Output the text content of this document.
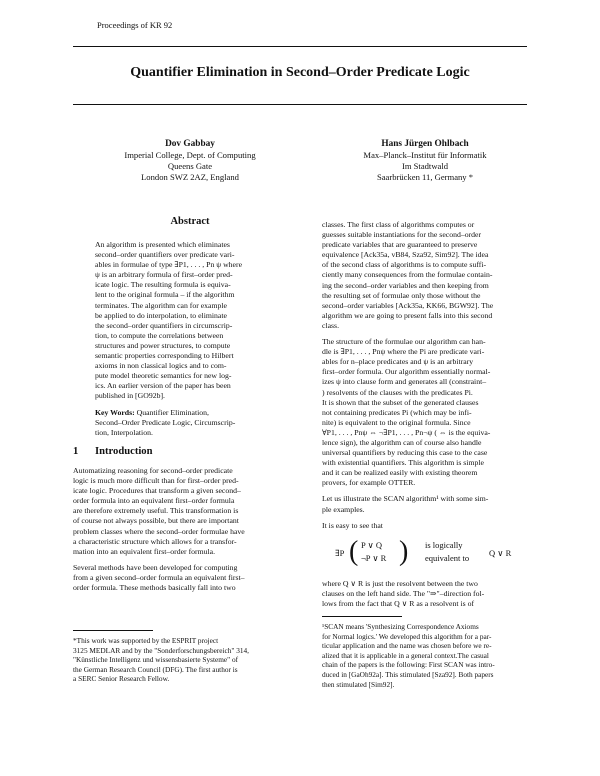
Proceedings of KR 92
Quantifier Elimination in Second–Order Predicate Logic
Dov Gabbay
Imperial College, Dept. of Computing
Queens Gate
London SWZ 2AZ, England
Hans Jürgen Ohlbach
Max–Planck–Institut für Informatik
Im Stadtwald
Saarbrücken 11, Germany *
Abstract
An algorithm is presented which eliminates
second–order quantifiers over predicate vari-
ables in formulae of type ∃P1, . . . , Pn ψ where
ψ is an arbitrary formula of first–order pred-
icate logic. The resulting formula is equiva-
lent to the original formula – if the algorithm
terminates. The algorithm can for example
be applied to do interpolation, to eliminate
the second–order quantifiers in circumscrip-
tion, to compute the correlations between
structures and power structures, to compute
semantic properties corresponding to Hilbert
axioms in non classical logics and to com-
pute model theoretic semantics for new log-
ics. An earlier version of the paper has been
published in [GO92b].
Key Words: Quantifier Elimination,
Second–Order Predicate Logic, Circumscrip-
tion, Interpolation.
1 Introduction

Automatizing reasoning for second–order predicate
logic is much more difficult than for first–order pred-
icate logic. Procedures that transform a given second–
order formula into an equivalent first–order formula
are therefore extremely useful. This transformation is
of course not always possible, but there are important
problem classes where the second–order formulae have
a characteristic structure which allows for a transfor-
mation into an equivalent first–order formula.

Several methods have been developed for computing
from a given second–order formula an equivalent first–
order formula. These methods basically fall into two

*This work was supported by the ESPRIT project

3125 MEDLAR and by the "Sonderforschungsbereich" 314,

"Künstliche Intelligenz und wissensbasierte Systeme" of

the German Research Council (DFG). The first author is

a SERC Senior Research Fellow.

classes. The first class of algorithms computes or
guesses suitable instantiations for the second–order
predicate variables that are guaranteed to preserve
equivalence [Ack35a, vB84, Sza92, Sim92]. The idea
of the second class of algorithms is to compute suffi-
ciently many consequences from the formulae contain-
ing the second–order variables and then keeping from
the resulting set of formulae only those without the
second–order variables [Ack35a, KK66, BGW92]. The
algorithm we are going to present falls into this second
class.

The structure of the formulae our algorithm can han-
dle is ∃P1, . . . , Pnψ where the Pi are predicate vari-
ables for n–place predicates and ψ is an arbitrary
first–order formula. Our algorithm essentially normal-
izes ψ into clause form and generates all (constraint–
) resolvents of the clauses with the predicates Pi.
It is shown that the subset of the generated clauses
not containing predicates Pi (which may be infi-
nite) is equivalent to the original formula. Since
∀P1, . . . , Pnψ ⇔ ¬∃P1, . . . , Pn¬ψ ( ⇔ is the equiva-
lence sign), the algorithm can of course also handle
universal quantifiers by reducing this case to the case
with existential quantifiers. This algorithm is simple
and it can be realized easily with existing theorem
provers, for example OTTER.

Let us illustrate the SCAN algorithm¹ with some sim-
ple examples.

It is easy to see that

∃P ( P ∨ Q
¬P ∨ R ) is logically
equivalent to Q ∨ R

where Q ∨ R is just the resolvent between the two
clauses on the left hand side. The "⇒"–direction fol-
lows from the fact that Q ∨ R as a resolvent is of

¹SCAN means 'Synthesizing Correspondence Axioms

for Normal logics.' We developed this algorithm for a par-

ticular application and the name was chosen before we re-

alized that it is applicable in a general context.The casual

chain of the papers is the following: First SCAN was intro-

duced in [GaOh92a]. This stimulated [Sza92]. Both papers

then stimulated [Sim92].
